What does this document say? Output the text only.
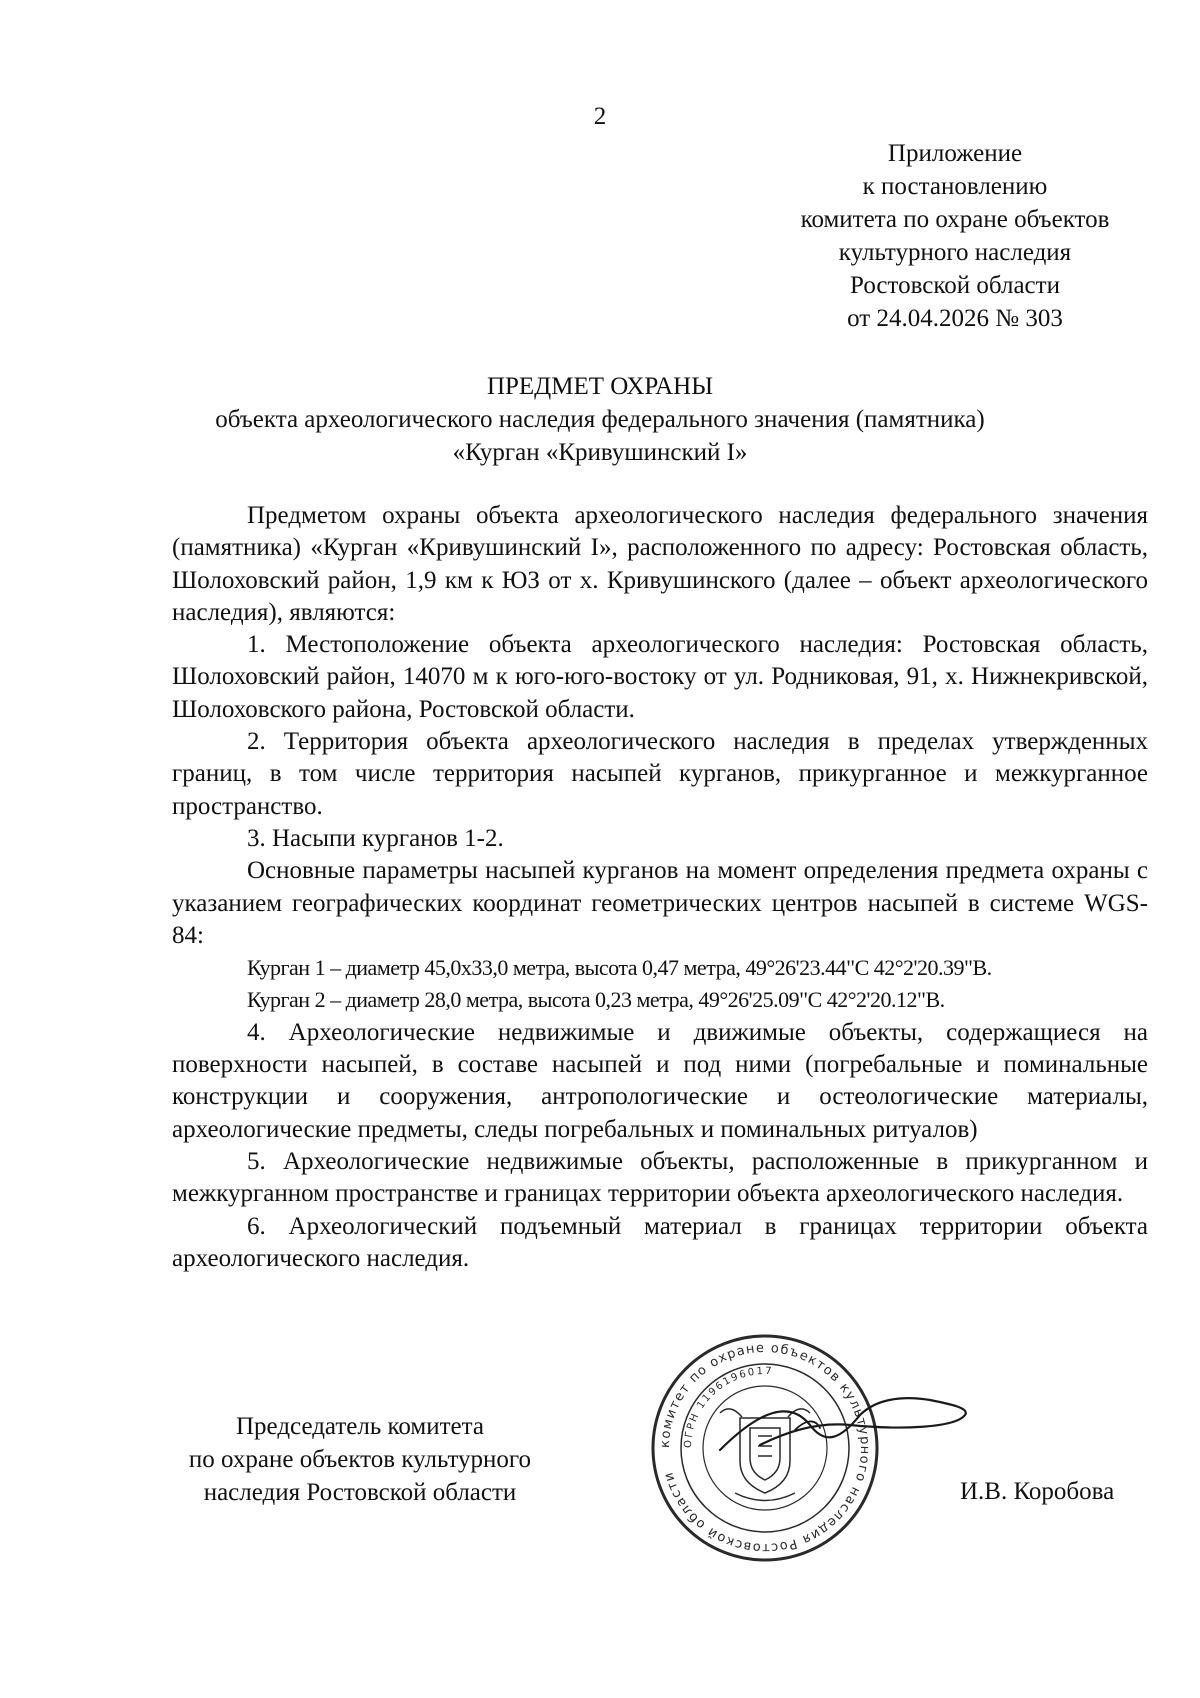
2
Приложение
к постановлению
комитета по охране объектов
культурного наследия
Ростовской области
от 24.04.2026 № 303
ПРЕДМЕТ ОХРАНЫ
объекта археологического наследия федерального значения (памятника)
«Курган «Кривушинский I»

Предметом охраны объекта археологического наследия федерального значения (памятника) «Курган «Кривушинский I», расположенного по адресу: Ростовская область, Шолоховский район, 1,9 км к ЮЗ от х. Кривушинского (далее – объект археологического наследия), являются:

1. Местоположение объекта археологического наследия: Ростовская область, Шолоховский район, 14070 м к юго-юго-востоку от ул. Родниковая, 91, х. Нижнекривской, Шолоховского района, Ростовской области.

2. Территория объекта археологического наследия в пределах утвержденных границ, в том числе территория насыпей курганов, прикурганное и межкурганное пространство.

3. Насыпи курганов 1-2.

Основные параметры насыпей курганов на момент определения предмета охраны с указанием географических координат геометрических центров насыпей в системе WGS-84:

Курган 1 – диаметр 45,0х33,0 метра, высота 0,47 метра, 49°26'23.44"С 42°2'20.39"В.

Курган 2 – диаметр 28,0 метра, высота 0,23 метра, 49°26'25.09"С 42°2'20.12"В.

4. Археологические недвижимые и движимые объекты, содержащиеся на поверхности насыпей, в составе насыпей и под ними (погребальные и поминальные конструкции и сооружения, антропологические и остеологические материалы, археологические предметы, следы погребальных и поминальных ритуалов)

5. Археологические недвижимые объекты, расположенные в прикурганном и межкурганном пространстве и границах территории объекта археологического наследия.

6. Археологический подъемный материал в границах территории объекта археологического наследия.

Председатель комитета
по охране объектов культурного
наследия Ростовской области
комитет по охране объектов культурного наследия Ростовской области
ОГРН 1196196017
И.В. Коробова
